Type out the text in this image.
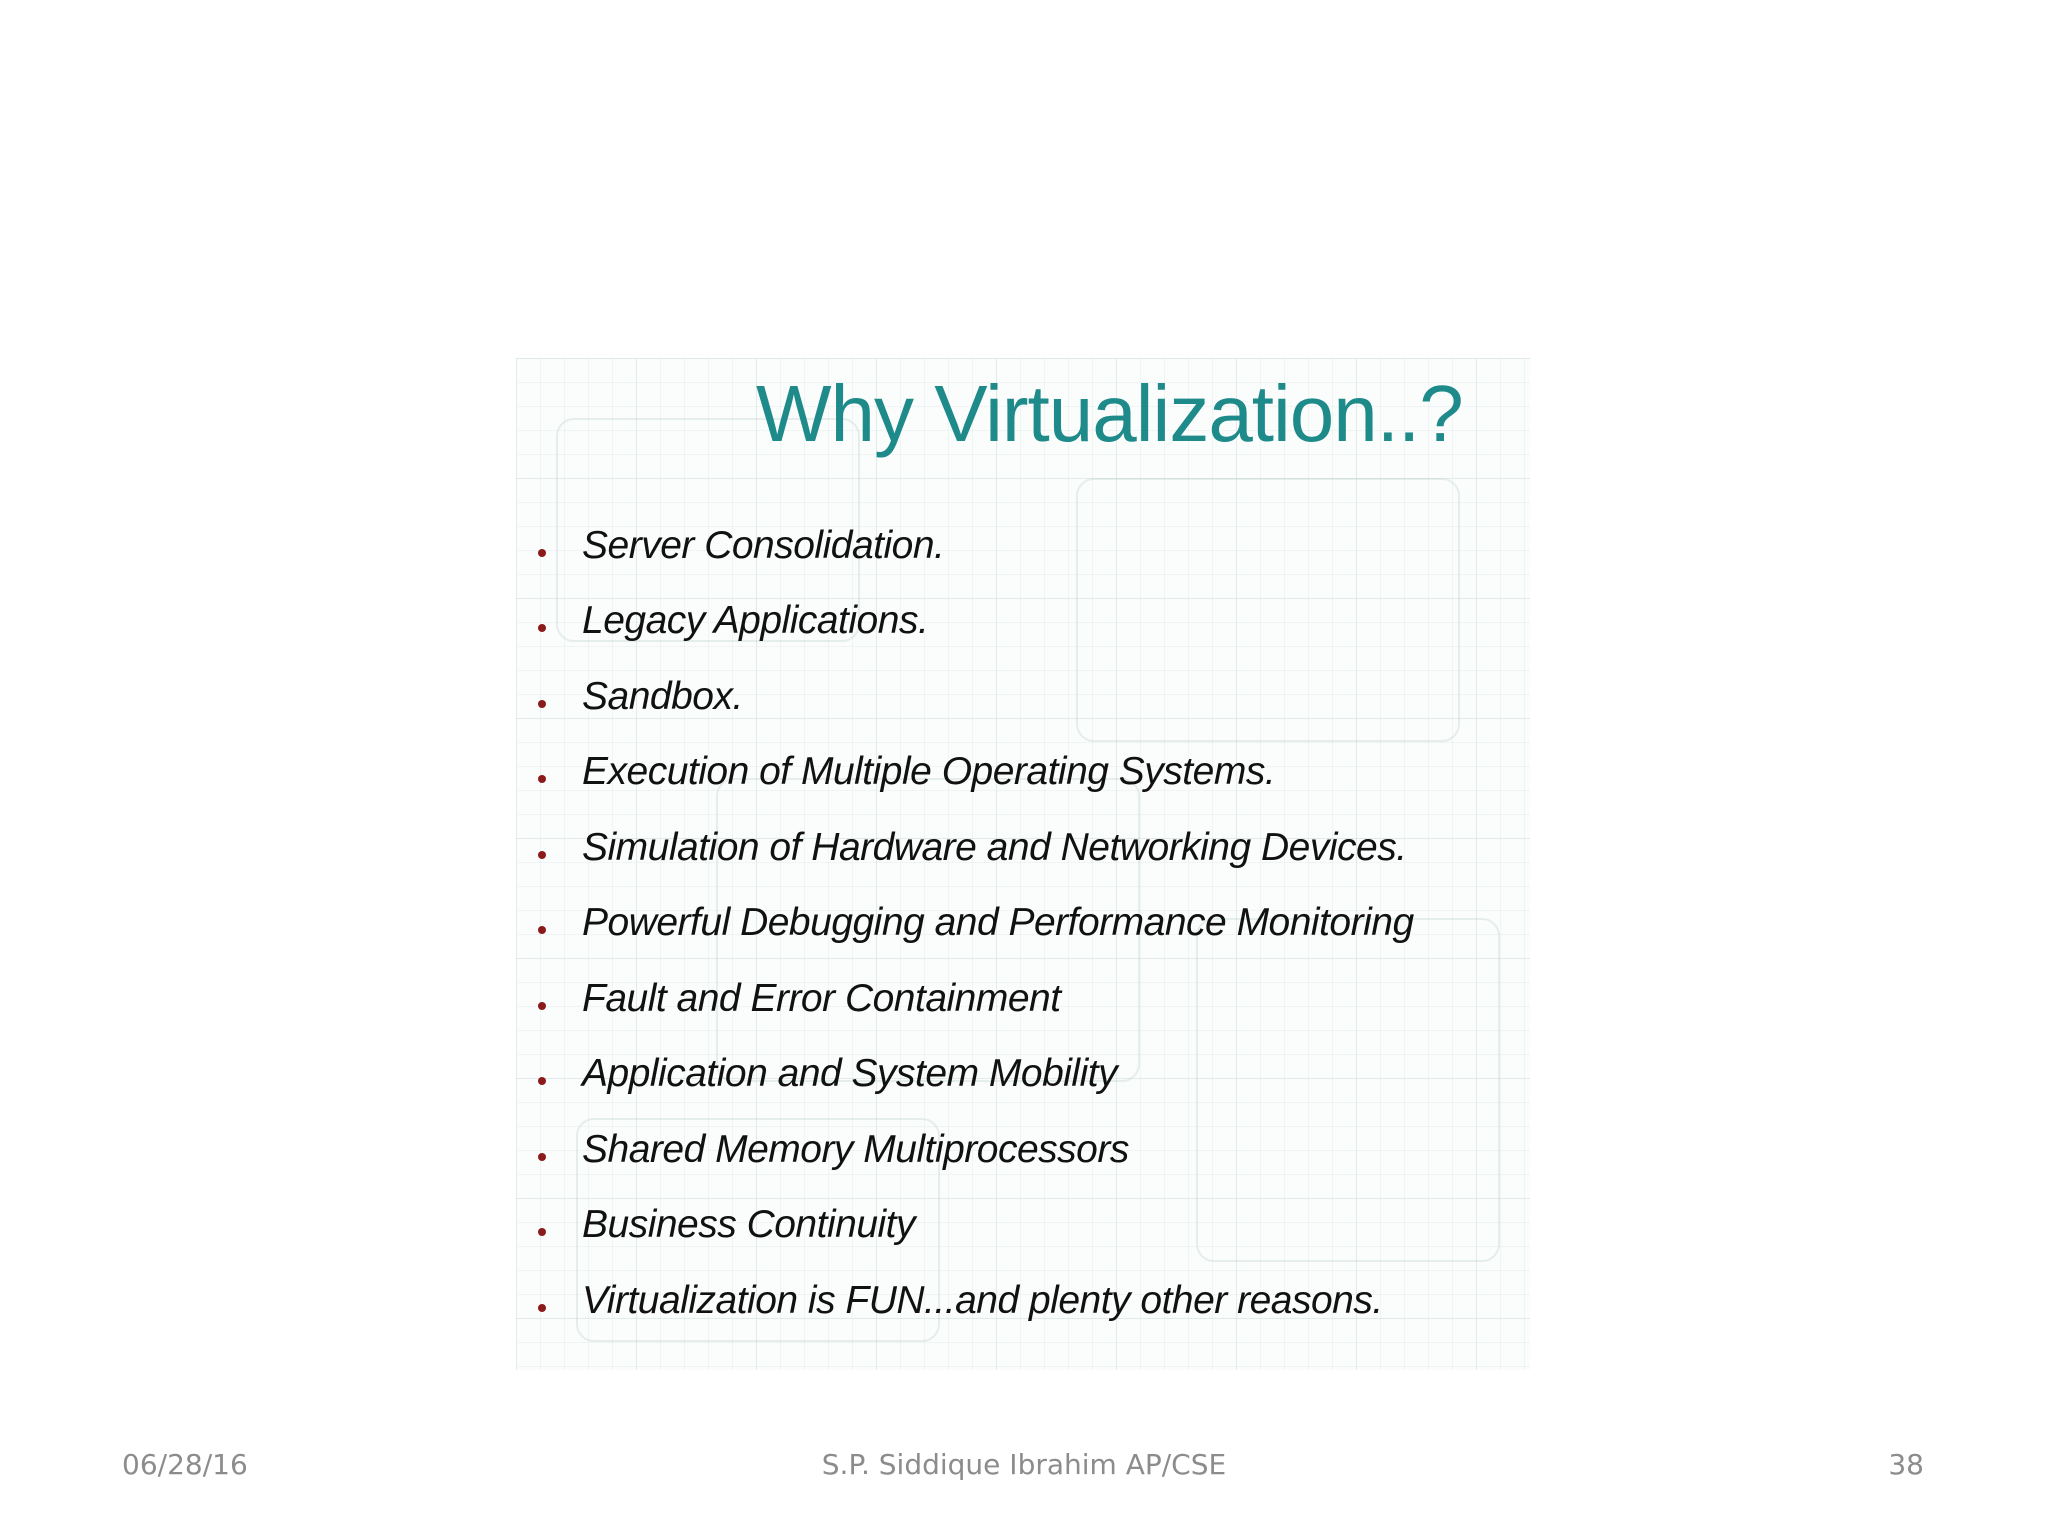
Why Virtualization..?
Server Consolidation.
Legacy Applications.
Sandbox.
Execution of Multiple Operating Systems.
Simulation of Hardware and Networking Devices.
Powerful Debugging and Performance Monitoring
Fault and Error Containment
Application and System Mobility
Shared Memory Multiprocessors
Business Continuity
Virtualization is FUN...and plenty other reasons.
06/28/16	S.P. Siddique Ibrahim AP/CSE	38
